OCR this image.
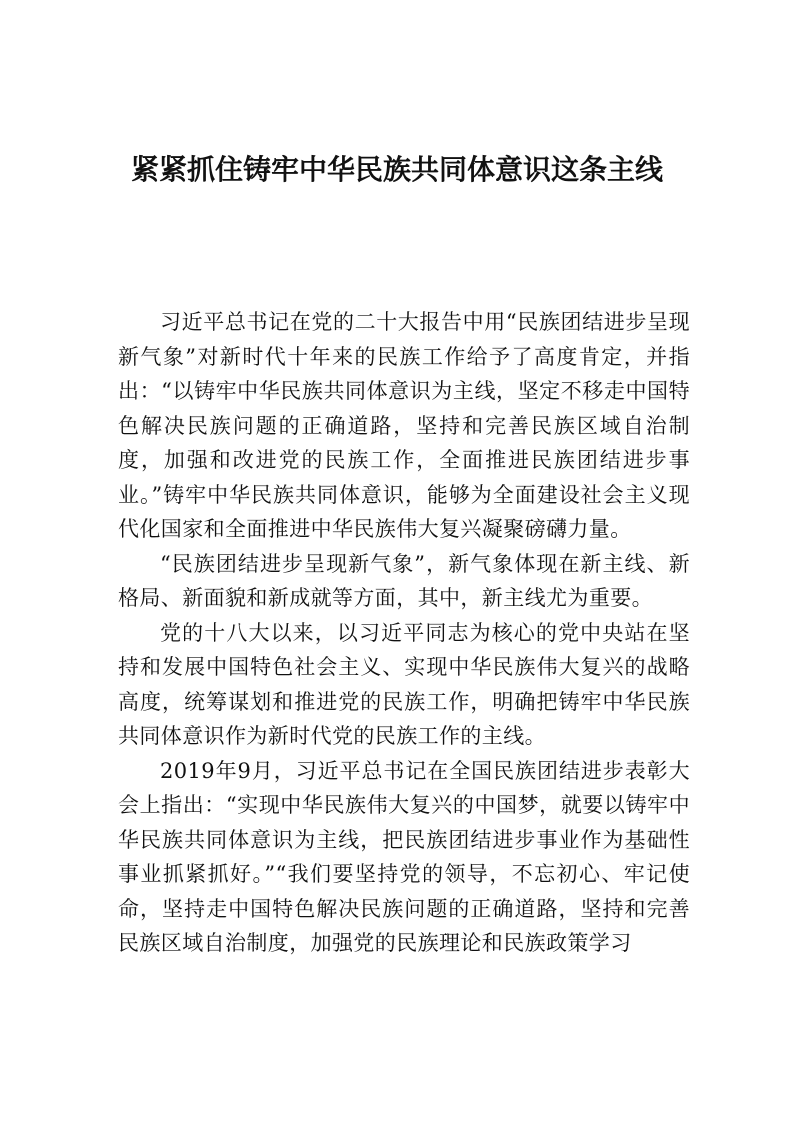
紧紧抓住铸牢中华民族共同体意识这条主线

习近平总书记在党的二十大报告中用“民族团结进步呈现新气象”对新时代十年来的民族工作给予了高度肯定，并指出：“以铸牢中华民族共同体意识为主线，坚定不移走中国特色解决民族问题的正确道路，坚持和完善民族区域自治制度，加强和改进党的民族工作，全面推进民族团结进步事业。”铸牢中华民族共同体意识，能够为全面建设社会主义现代化国家和全面推进中华民族伟大复兴凝聚磅礴力量。

“民族团结进步呈现新气象”，新气象体现在新主线、新格局、新面貌和新成就等方面，其中，新主线尤为重要。

党的十八大以来，以习近平同志为核心的党中央站在坚持和发展中国特色社会主义、实现中华民族伟大复兴的战略高度，统筹谋划和推进党的民族工作，明确把铸牢中华民族共同体意识作为新时代党的民族工作的主线。

2019年9月，习近平总书记在全国民族团结进步表彰大会上指出：“实现中华民族伟大复兴的中国梦，就要以铸牢中华民族共同体意识为主线，把民族团结进步事业作为基础性事业抓紧抓好。”“我们要坚持党的领导，不忘初心、牢记使命，坚持走中国特色解决民族问题的正确道路，坚持和完善民族区域自治制度，加强党的民族理论和民族政策学习
